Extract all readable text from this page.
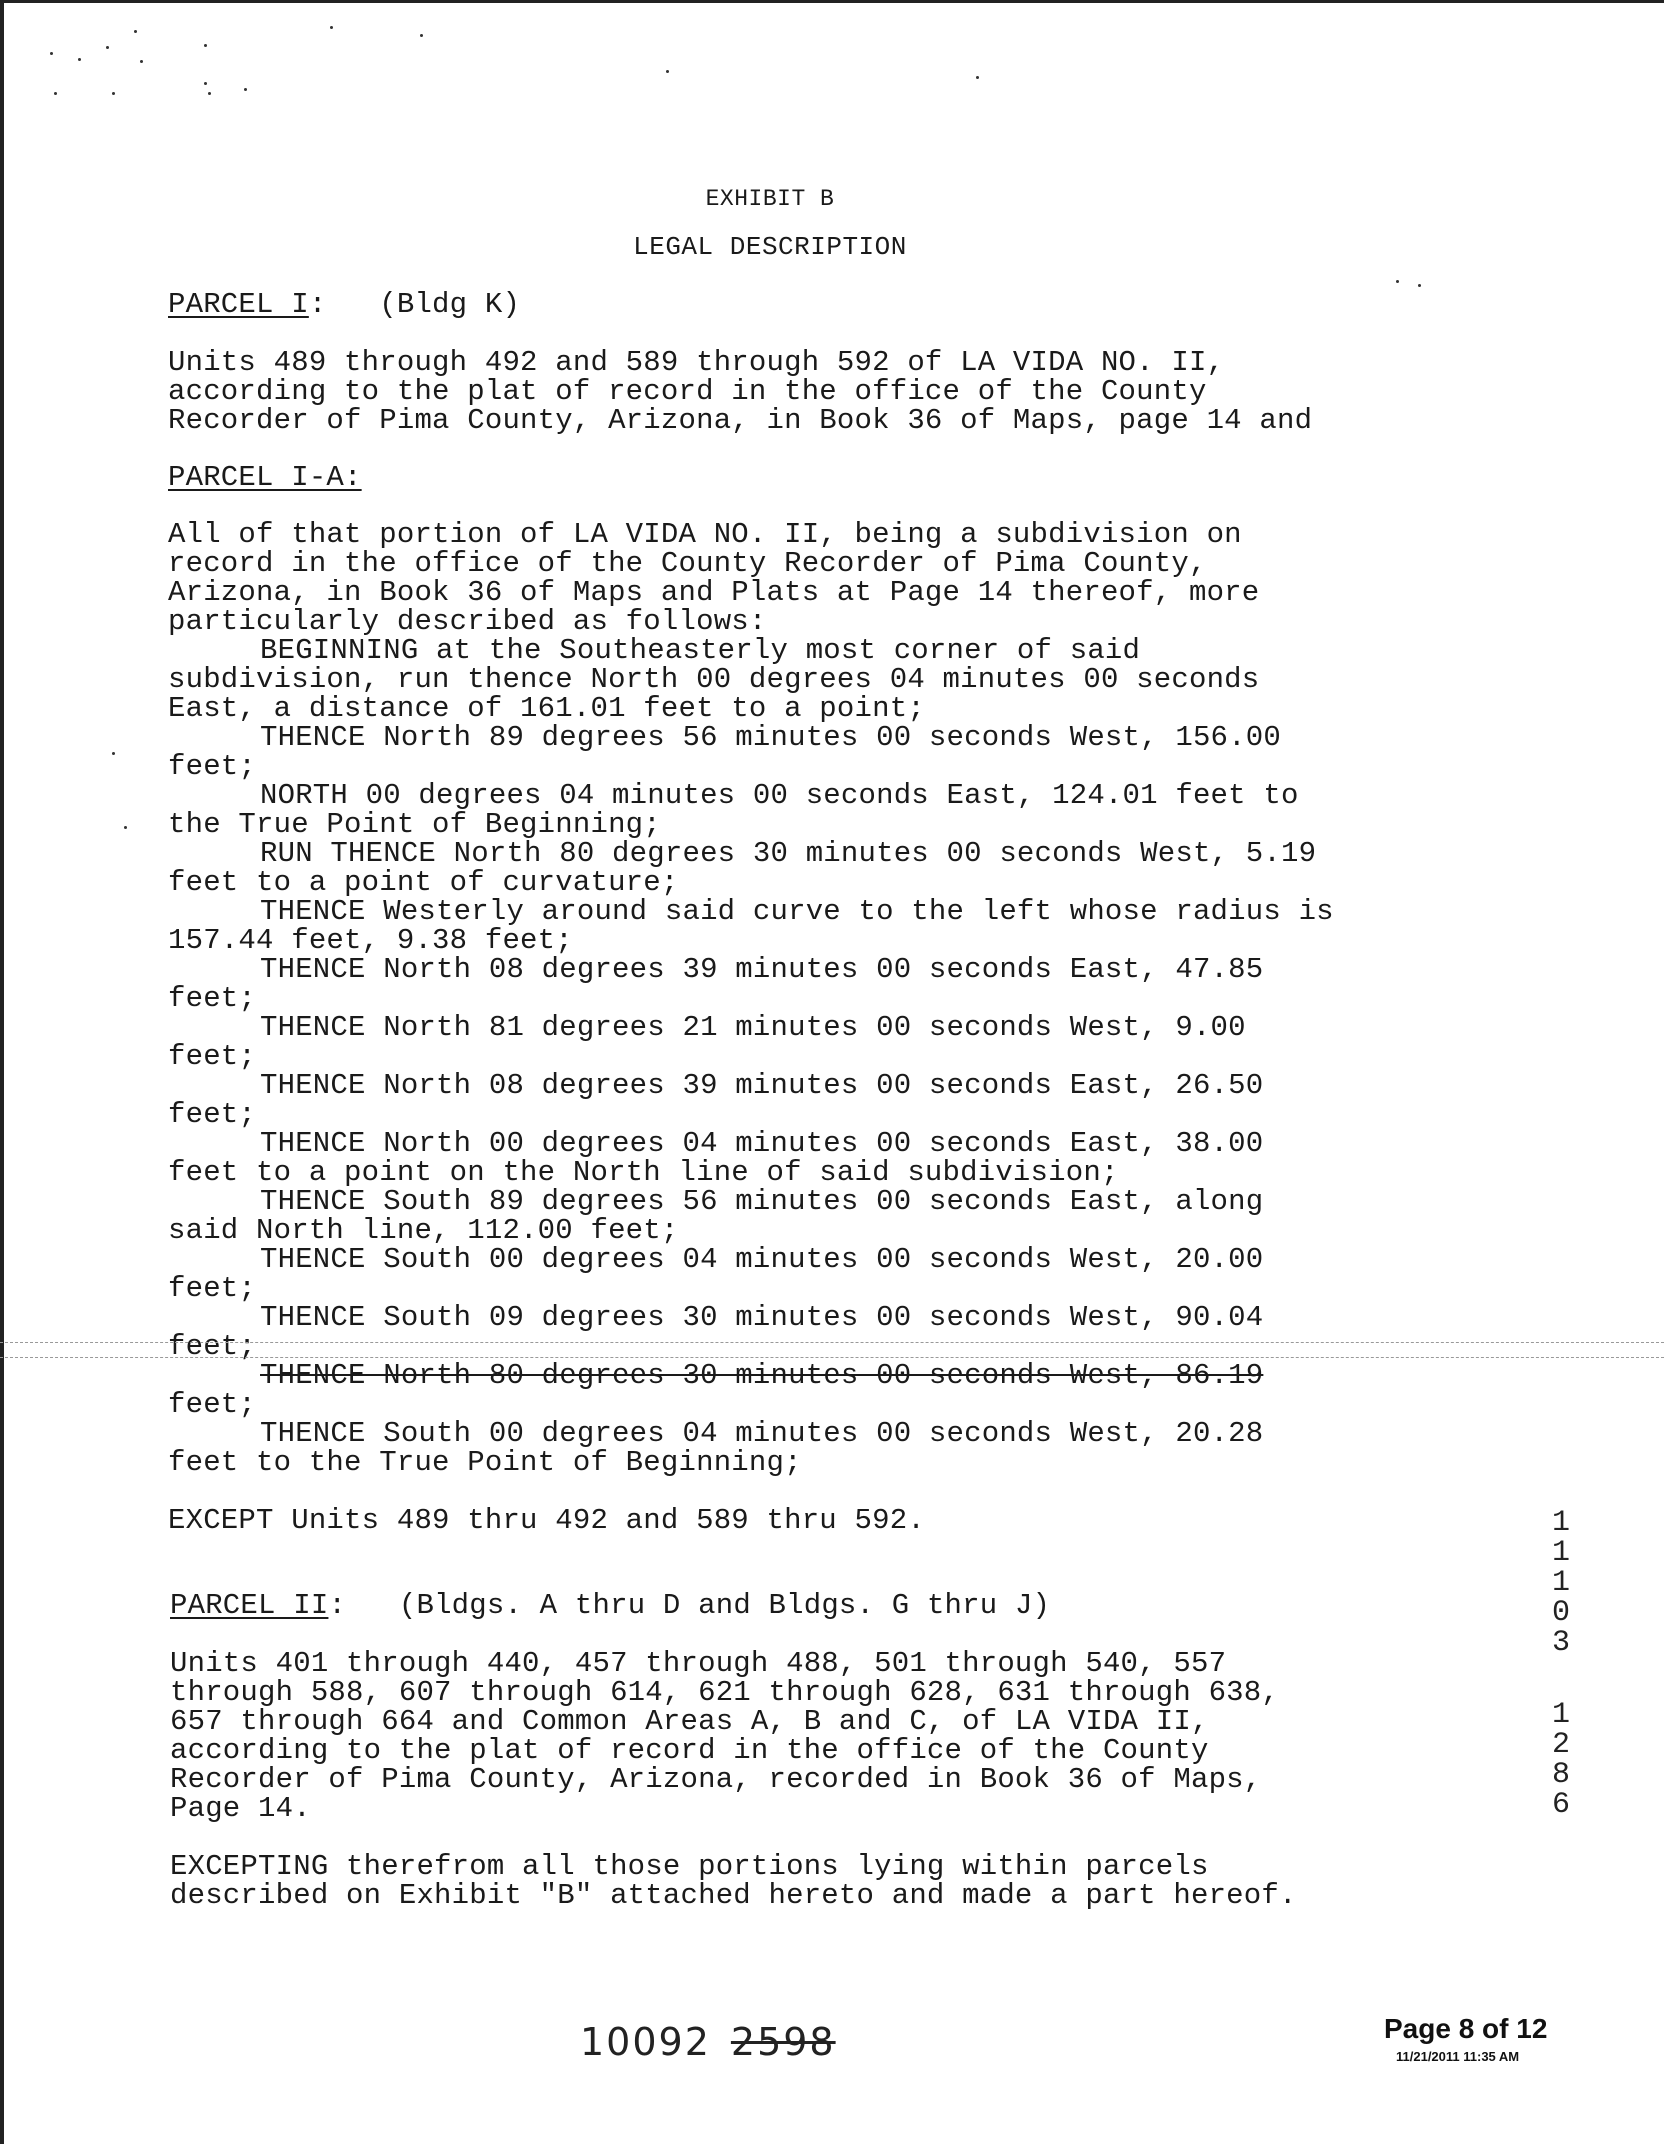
EXHIBIT B
LEGAL DESCRIPTION
PARCEL I: (Bldg K)
Units 489 through 492 and 589 through 592 of LA VIDA NO. II,
according to the plat of record in the office of the County
Recorder of Pima County, Arizona, in Book 36 of Maps, page 14 and
PARCEL I-A:
All of that portion of LA VIDA NO. II, being a subdivision on
record in the office of the County Recorder of Pima County,
Arizona, in Book 36 of Maps and Plats at Page 14 thereof, more
particularly described as follows:
BEGINNING at the Southeasterly most corner of said
subdivision, run thence North 00 degrees 04 minutes 00 seconds
East, a distance of 161.01 feet to a point;
THENCE North 89 degrees 56 minutes 00 seconds West, 156.00
feet;
NORTH 00 degrees 04 minutes 00 seconds East, 124.01 feet to
the True Point of Beginning;
RUN THENCE North 80 degrees 30 minutes 00 seconds West, 5.19
feet to a point of curvature;
THENCE Westerly around said curve to the left whose radius is
157.44 feet, 9.38 feet;
THENCE North 08 degrees 39 minutes 00 seconds East, 47.85
feet;
THENCE North 81 degrees 21 minutes 00 seconds West, 9.00
feet;
THENCE North 08 degrees 39 minutes 00 seconds East, 26.50
feet;
THENCE North 00 degrees 04 minutes 00 seconds East, 38.00
feet to a point on the North line of said subdivision;
THENCE South 89 degrees 56 minutes 00 seconds East, along
said North line, 112.00 feet;
THENCE South 00 degrees 04 minutes 00 seconds West, 20.00
feet;
THENCE South 09 degrees 30 minutes 00 seconds West, 90.04
feet;
THENCE North 80 degrees 30 minutes 00 seconds West, 86.19
feet;
THENCE South 00 degrees 04 minutes 00 seconds West, 20.28
feet to the True Point of Beginning;
EXCEPT Units 489 thru 492 and 589 thru 592.
PARCEL II: (Bldgs. A thru D and Bldgs. G thru J)
Units 401 through 440, 457 through 488, 501 through 540, 557
through 588, 607 through 614, 621 through 628, 631 through 638,
657 through 664 and Common Areas A, B and C, of LA VIDA II,
according to the plat of record in the office of the County
Recorder of Pima County, Arizona, recorded in Book 36 of Maps,
Page 14.
EXCEPTING therefrom all those portions lying within parcels
described on Exhibit "B" attached hereto and made a part hereof.
1
1
1
0
3
1
2
8
6
10092 2598	Page 8 of 12
11/21/2011 11:35 AM
